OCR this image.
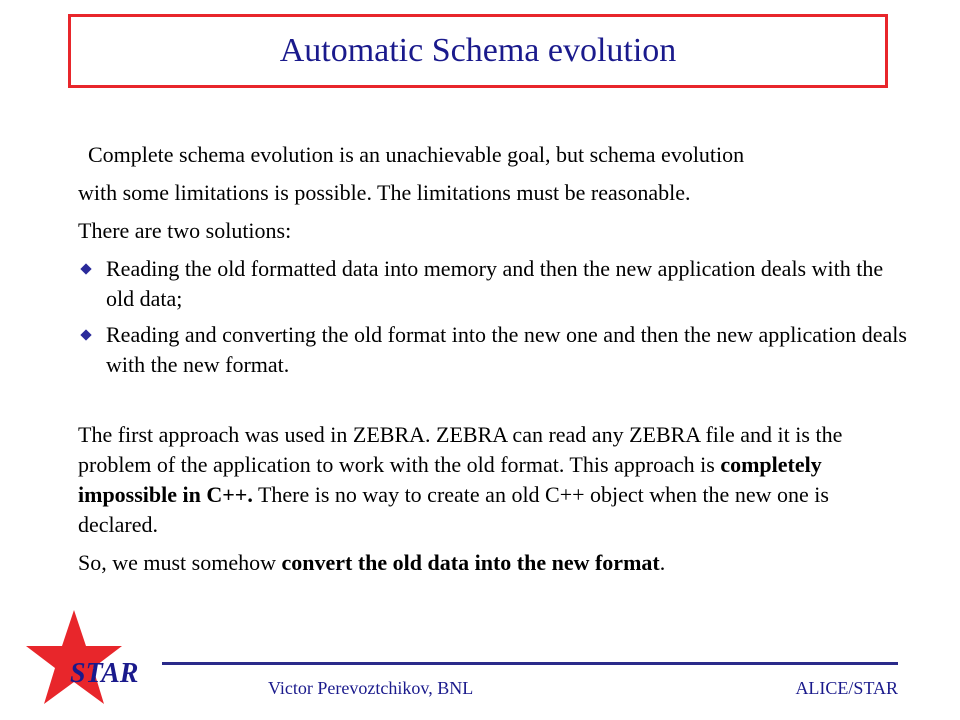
Automatic Schema evolution

Complete schema evolution is an unachievable goal, but schema evolution

with some limitations is possible. The limitations must be reasonable.

There are two solutions:

Reading the old formatted data into memory and then the new application deals with the old data;
Reading and converting the old format into the new one and then the new application deals with the new format.

The first approach was used in ZEBRA. ZEBRA can read any ZEBRA file and it is the problem of the application to work with the old format. This approach is completely impossible in C++. There is no way to create an old C++ object when the new one is declared.

So, we must somehow convert the old data into the new format.

STAR	Victor Perevoztchikov, BNL	ALICE/STAR
